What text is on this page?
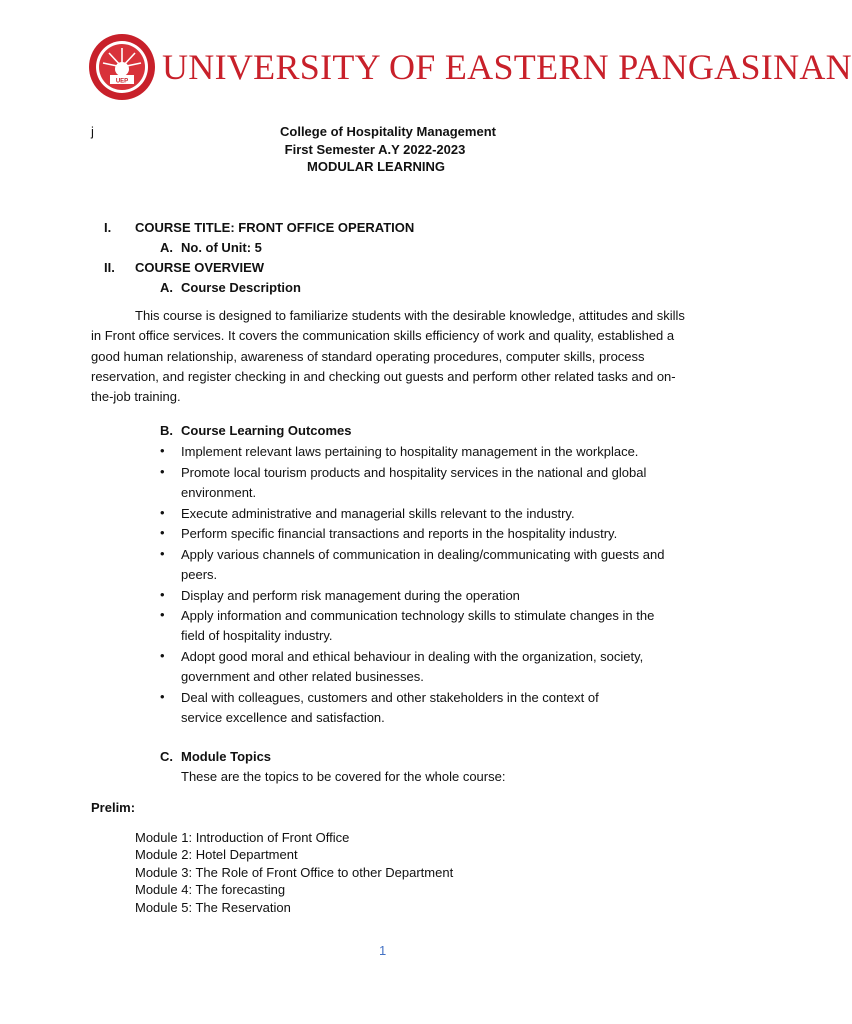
UEP UNIVERSITY OF EASTERN PANGASINAN
j	College of Hospitality Management
First Semester A.Y 2022-2023
MODULAR LEARNING
I. COURSE TITLE: FRONT OFFICE OPERATION
A. No. of Unit: 5
II. COURSE OVERVIEW
A. Course Description
This course is designed to familiarize students with the desirable knowledge, attitudes and skills
in Front office services. It covers the communication skills efficiency of work and quality, established a
good human relationship, awareness of standard operating procedures, computer skills, process
reservation, and register checking in and checking out guests and perform other related tasks and on-
the-job training.
B. Course Learning Outcomes
• Implement relevant laws pertaining to hospitality management in the workplace.
• Promote local tourism products and hospitality services in the national and global environment.
• Execute administrative and managerial skills relevant to the industry.
• Perform specific financial transactions and reports in the hospitality industry.
• Apply various channels of communication in dealing/communicating with guests and peers.
• Display and perform risk management during the operation
• Apply information and communication technology skills to stimulate changes in the field of hospitality industry.
• Adopt good moral and ethical behaviour in dealing with the organization, society, government and other related businesses.
• Deal with colleagues, customers and other stakeholders in the context of service excellence and satisfaction.
C. Module Topics
These are the topics to be covered for the whole course:
Prelim:
Module 1: Introduction of Front Office
Module 2: Hotel Department
Module 3: The Role of Front Office to other Department
Module 4: The forecasting
Module 5: The Reservation
1
